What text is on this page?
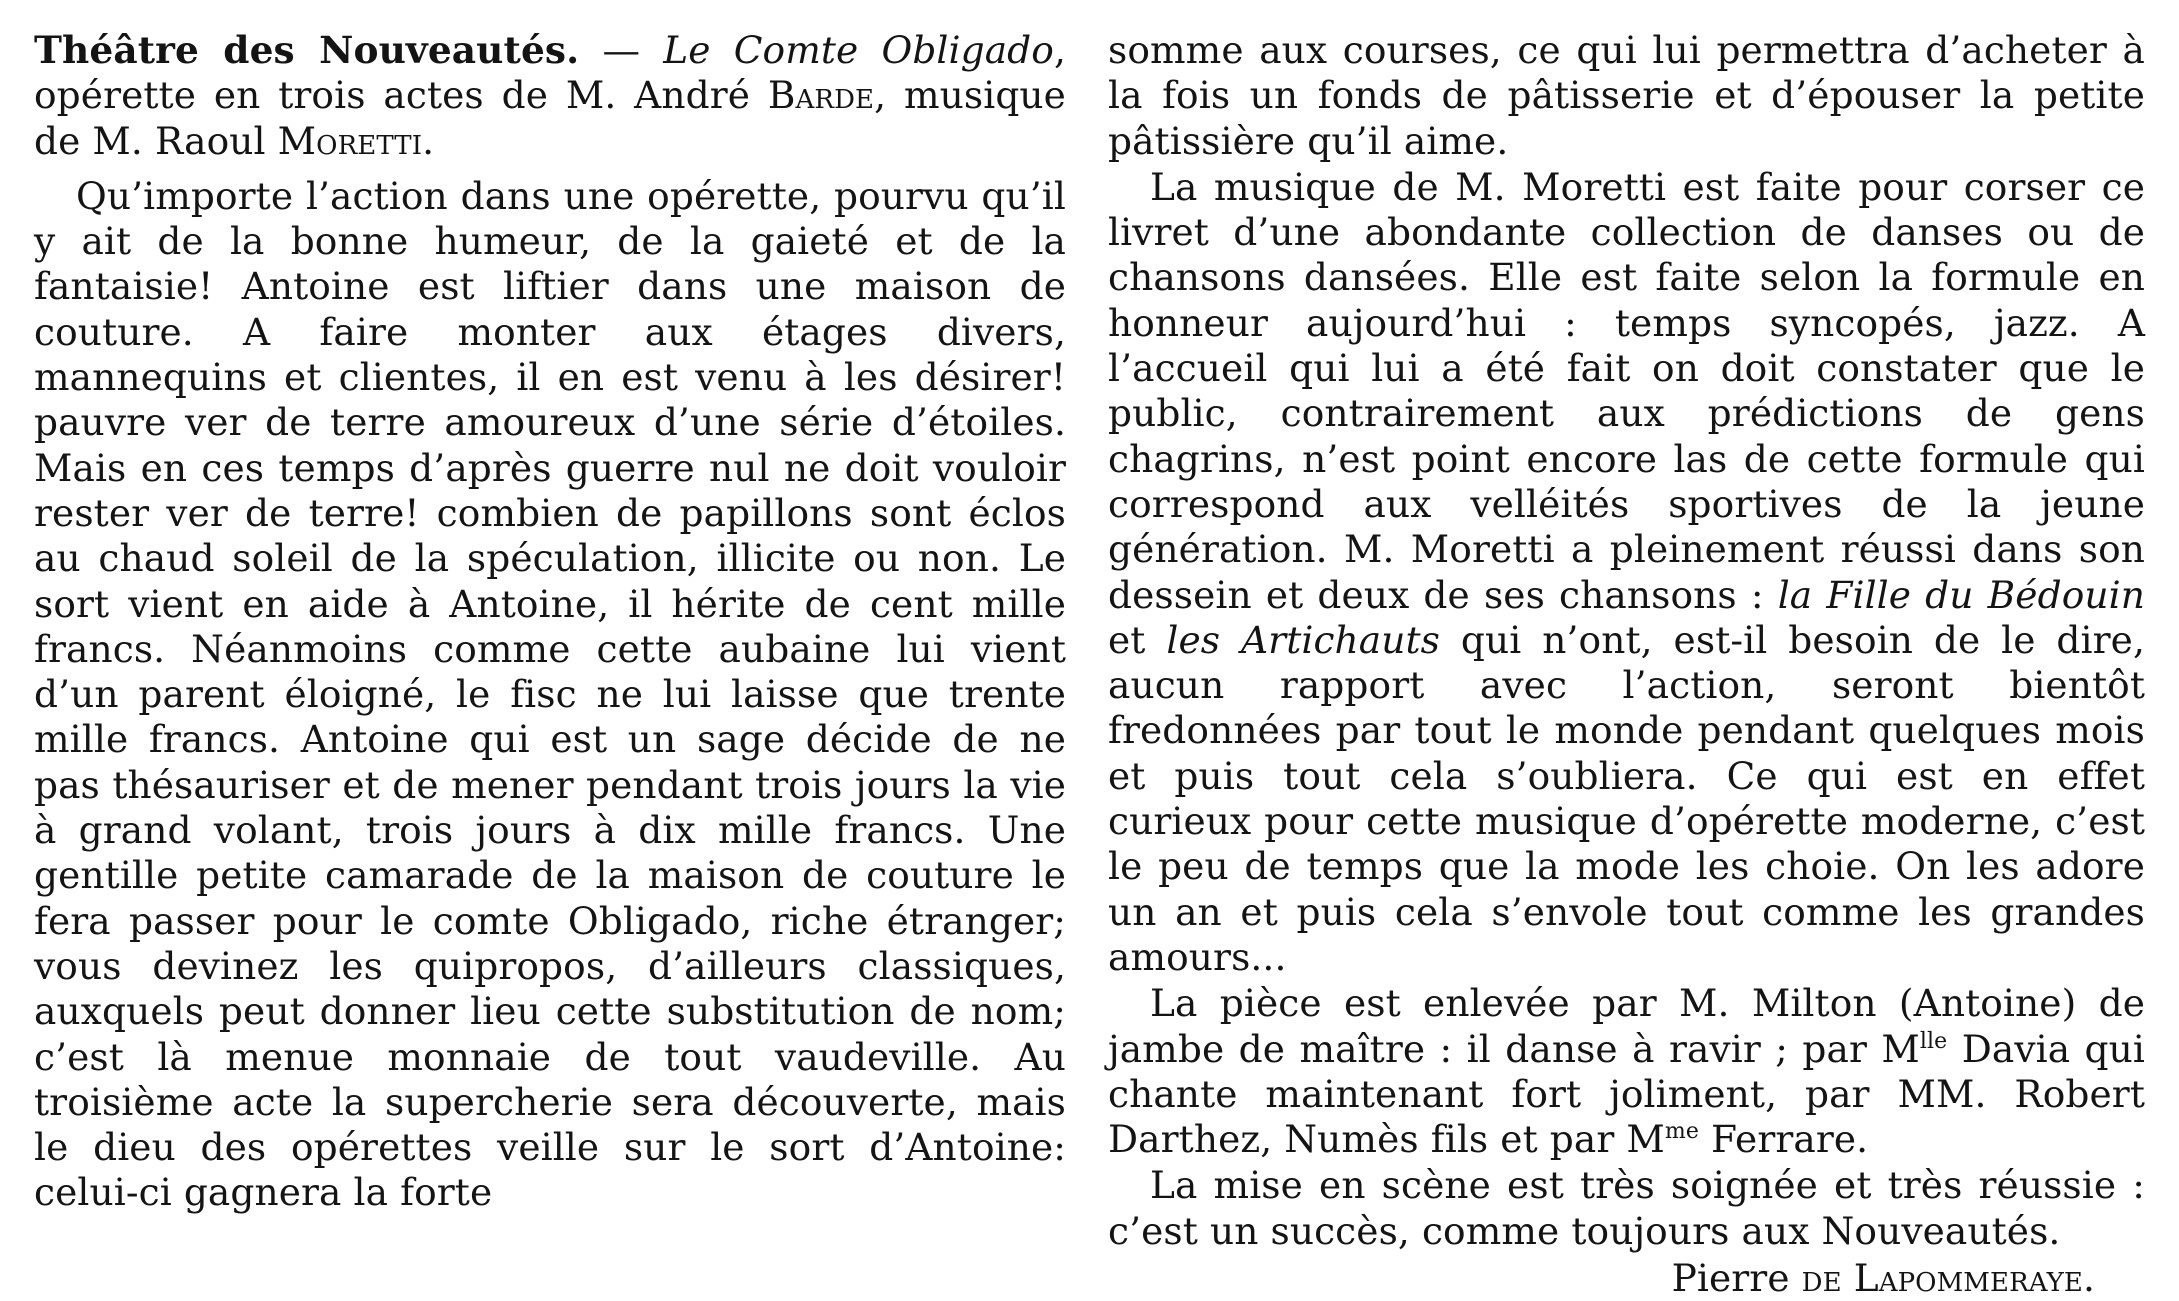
Théâtre des Nouveautés. — Le Comte Obligado, opérette en trois actes de M. André Barde, musique de M. Raoul Moretti.

Qu’importe l’action dans une opérette, pourvu qu’il y ait de la bonne humeur, de la gaieté et de la fantaisie! Antoine est liftier dans une maison de couture. A faire monter aux étages divers, mannequins et clientes, il en est venu à les désirer! pauvre ver de terre amoureux d’une série d’étoiles. Mais en ces temps d’après guerre nul ne doit vouloir rester ver de terre! combien de papillons sont éclos au chaud soleil de la spéculation, illicite ou non. Le sort vient en aide à Antoine, il hérite de cent mille francs. Néanmoins comme cette aubaine lui vient d’un parent éloigné, le fisc ne lui laisse que trente mille francs. Antoine qui est un sage décide de ne pas thésauriser et de mener pendant trois jours la vie à grand volant, trois jours à dix mille francs. Une gentille petite camarade de la maison de couture le fera passer pour le comte Obligado, riche étranger; vous devinez les quipropos, d’ailleurs classiques, auxquels peut donner lieu cette substitution de nom; c’est là menue monnaie de tout vaudeville. Au troisième acte la supercherie sera découverte, mais le dieu des opérettes veille sur le sort d’Antoine: celui-ci gagnera la forte

somme aux courses, ce qui lui permettra d’acheter à la fois un fonds de pâtisserie et d’épouser la petite pâtissière qu’il aime.

La musique de M. Moretti est faite pour corser ce livret d’une abondante collection de danses ou de chansons dansées. Elle est faite selon la formule en honneur aujourd’hui : temps syncopés, jazz. A l’accueil qui lui a été fait on doit constater que le public, contrairement aux prédictions de gens chagrins, n’est point encore las de cette formule qui correspond aux velléités sportives de la jeune génération. M. Moretti a pleinement réussi dans son dessein et deux de ses chansons : la Fille du Bédouin et les Artichauts qui n’ont, est-il besoin de le dire, aucun rapport avec l’action, seront bientôt fredonnées par tout le monde pendant quelques mois et puis tout cela s’oubliera. Ce qui est en effet curieux pour cette musique d’opérette moderne, c’est le peu de temps que la mode les choie. On les adore un an et puis cela s’envole tout comme les grandes amours...

La pièce est enlevée par M. Milton (Antoine) de jambe de maître : il danse à ravir ; par $M^{lle}$ Davia qui chante maintenant fort joliment, par MM. Robert Darthez, Numès fils et par $M^{me}$ Ferrare.

La mise en scène est très soignée et très réussie : c’est un succès, comme toujours aux Nouveautés.

Pierre de Lapommeraye.
